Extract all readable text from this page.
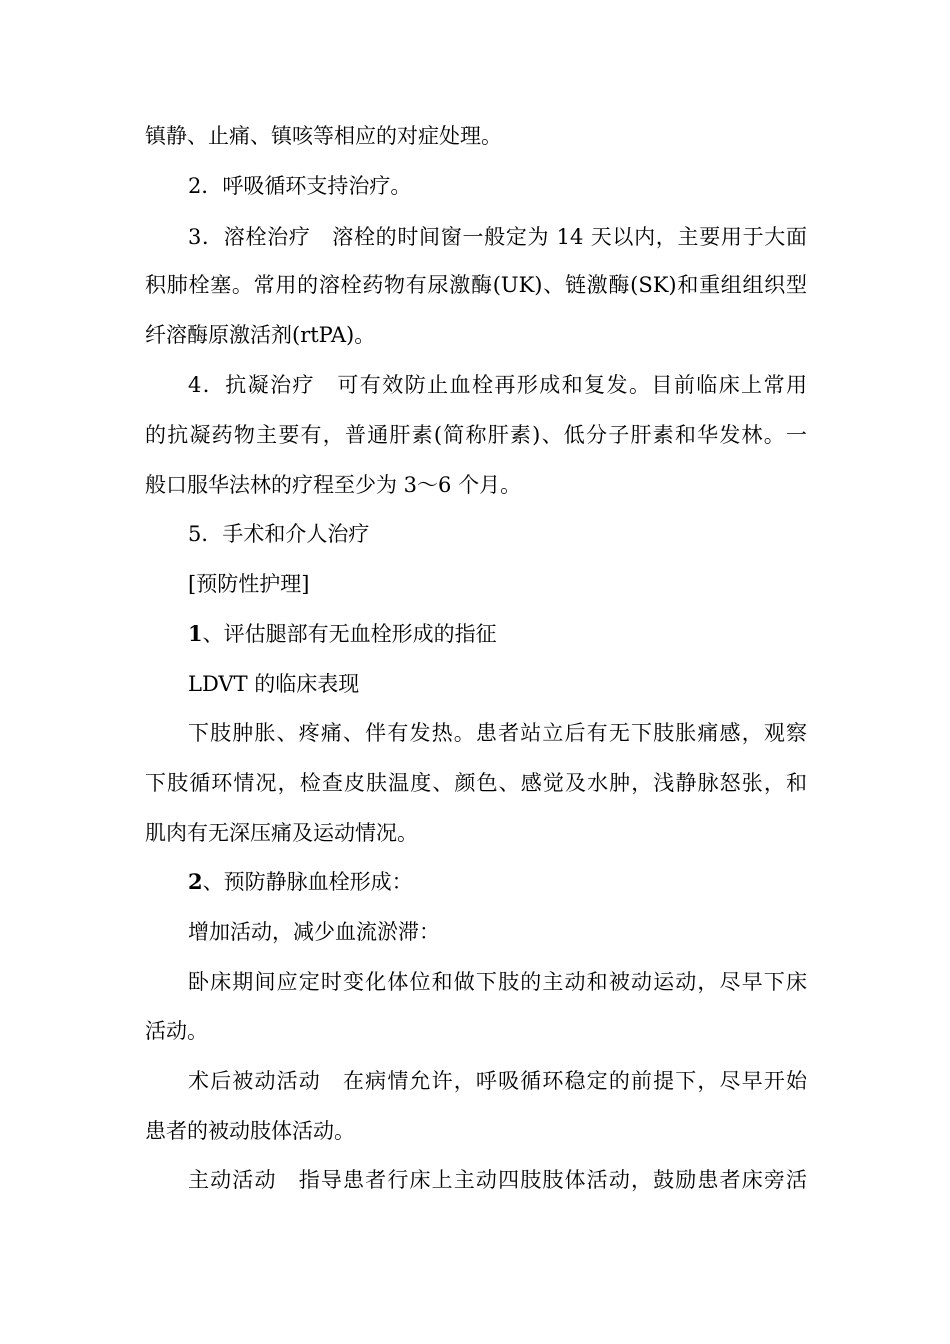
镇静、止痛、镇咳等相应的对症处理。
2．呼吸循环支持治疗。
3．溶栓治疗　溶栓的时间窗一般定为 14 天以内，主要用于大面
积肺栓塞。常用的溶栓药物有尿激酶(UK)、链激酶(SK)和重组组织型
纤溶酶原激活剂(rtPA)。
4．抗凝治疗　可有效防止血栓再形成和复发。目前临床上常用
的抗凝药物主要有，普通肝素(简称肝素)、低分子肝素和华发林。一
般口服华法林的疗程至少为 3～6 个月。
5．手术和介人治疗
[预防性护理]
1、评估腿部有无血栓形成的指征
LDVT 的临床表现
下肢肿胀、疼痛、伴有发热。患者站立后有无下肢胀痛感，观察
下肢循环情况，检查皮肤温度、颜色、感觉及水肿，浅静脉怒张，和
肌肉有无深压痛及运动情况。
2、预防静脉血栓形成：
增加活动，减少血流淤滞：
卧床期间应定时变化体位和做下肢的主动和被动运动，尽早下床
活动。
术后被动活动　在病情允许，呼吸循环稳定的前提下，尽早开始
患者的被动肢体活动。
主动活动　指导患者行床上主动四肢肢体活动，鼓励患者床旁活
